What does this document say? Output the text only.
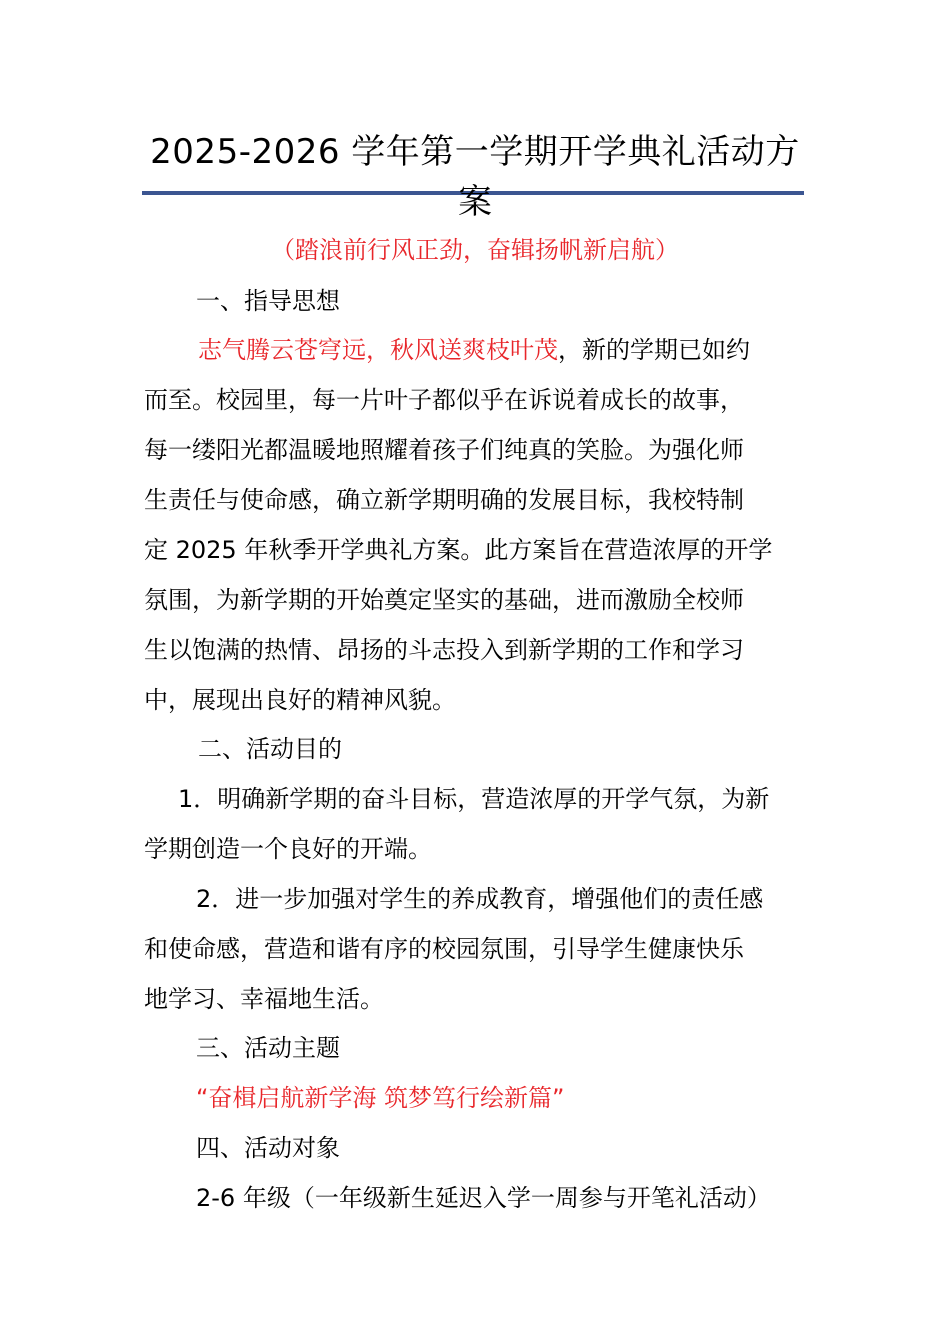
2025-2026 学年第一学期开学典礼活动方
案
（踏浪前行风正劲，奋辑扬帆新启航）
一、指导思想
志气腾云苍穹远，秋风送爽枝叶茂，新的学期已如约
而至。校园里，每一片叶子都似乎在诉说着成长的故事，
每一缕阳光都温暖地照耀着孩子们纯真的笑脸。为强化师
生责任与使命感，确立新学期明确的发展目标，我校特制
定 2025 年秋季开学典礼方案。此方案旨在营造浓厚的开学
氛围，为新学期的开始奠定坚实的基础，进而激励全校师
生以饱满的热情、昂扬的斗志投入到新学期的工作和学习
中，展现出良好的精神风貌。
二、活动目的
1．明确新学期的奋斗目标，营造浓厚的开学气氛，为新
学期创造一个良好的开端。
2．进一步加强对学生的养成教育，增强他们的责任感
和使命感，营造和谐有序的校园氛围，引导学生健康快乐
地学习、幸福地生活。
三、活动主题
“奋楫启航新学海 筑梦笃行绘新篇”
四、活动对象
2-6 年级（一年级新生延迟入学一周参与开笔礼活动）
